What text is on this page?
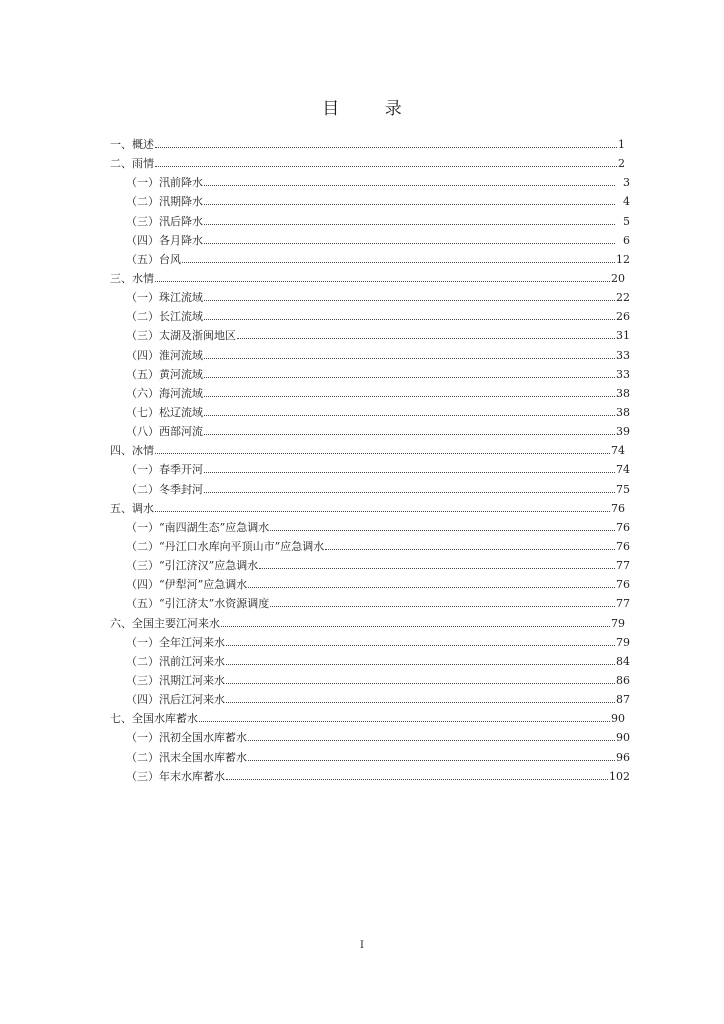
目 录
一、概述	1
二、雨情	2
（一）汛前降水	3
（二）汛期降水	4
（三）汛后降水	5
（四）各月降水	6
（五）台风	12
三、水情	20
（一）珠江流域	22
（二）长江流域	26
（三）太湖及浙闽地区	31
（四）淮河流域	33
（五）黄河流域	33
（六）海河流域	38
（七）松辽流域	38
（八）西部河流	39
四、冰情	74
（一）春季开河	74
（二）冬季封河	75
五、调水	76
（一）“南四湖生态”应急调水	76
（二）“丹江口水库向平顶山市”应急调水	76
（三）“引江济汉”应急调水	77
（四）“伊犁河”应急调水	76
（五）“引江济太”水资源调度	77
六、全国主要江河来水	79
（一）全年江河来水	79
（二）汛前江河来水	84
（三）汛期江河来水	86
（四）汛后江河来水	87
七、全国水库蓄水	90
（一）汛初全国水库蓄水	90
（二）汛末全国水库蓄水	96
（三）年末水库蓄水	102
I
